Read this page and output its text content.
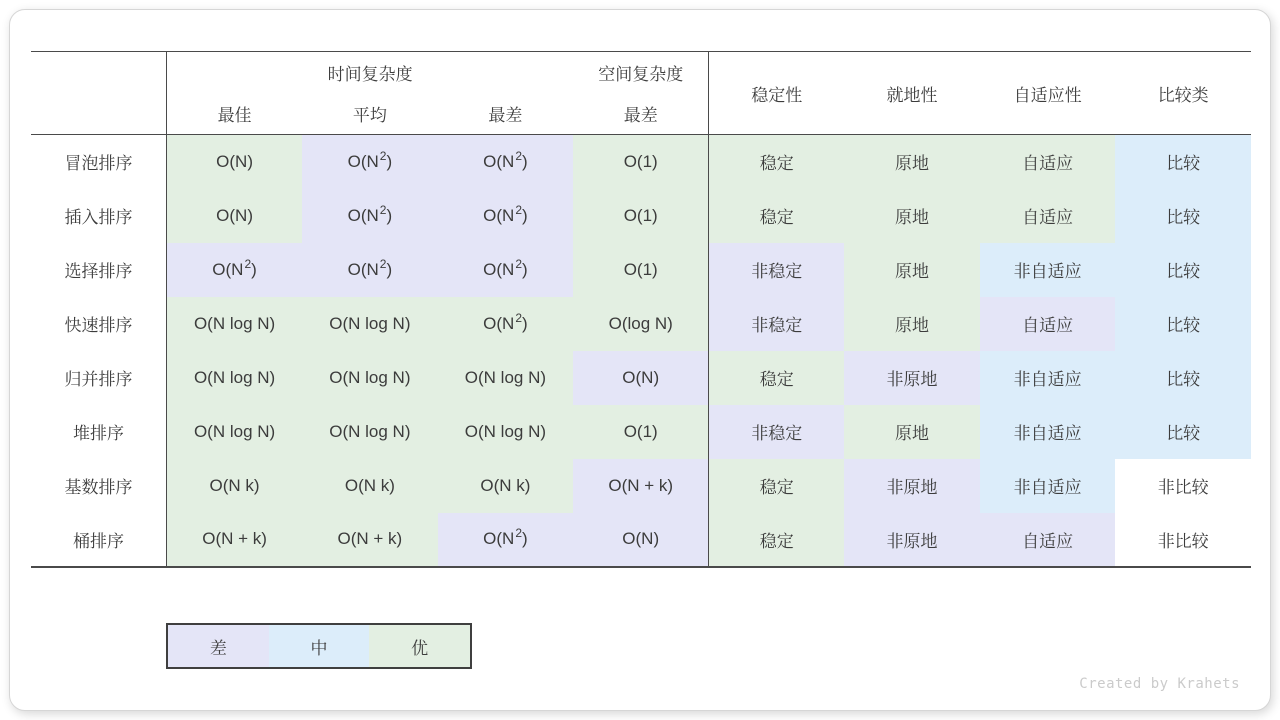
	时间复杂度			空间复杂度	稳定性	就地性	自适应性	比较类
	最佳	平均	最差	最差				
冒泡排序	O(N)	$O(N^2)$	$O(N^2)$	O(1)	稳定	原地	自适应	比较
插入排序	O(N)	$O(N^2)$	$O(N^2)$	O(1)	稳定	原地	自适应	比较
选择排序	$O(N^2)$	$O(N^2)$	$O(N^2)$	O(1)	非稳定	原地	非自适应	比较
快速排序	O(N log N)	O(N log N)	$O(N^2)$	O(log N)	非稳定	原地	自适应	比较
归并排序	O(N log N)	O(N log N)	O(N log N)	O(N)	稳定	非原地	非自适应	比较
堆排序	O(N log N)	O(N log N)	O(N log N)	O(1)	非稳定	原地	非自适应	比较
基数排序	O(N k)	O(N k)	O(N k)	O(N + k)	稳定	非原地	非自适应	非比较
桶排序	O(N + k)	O(N + k)	$O(N^2)$	O(N)	稳定	非原地	自适应	非比较
差	中	优
Created by Krahets
